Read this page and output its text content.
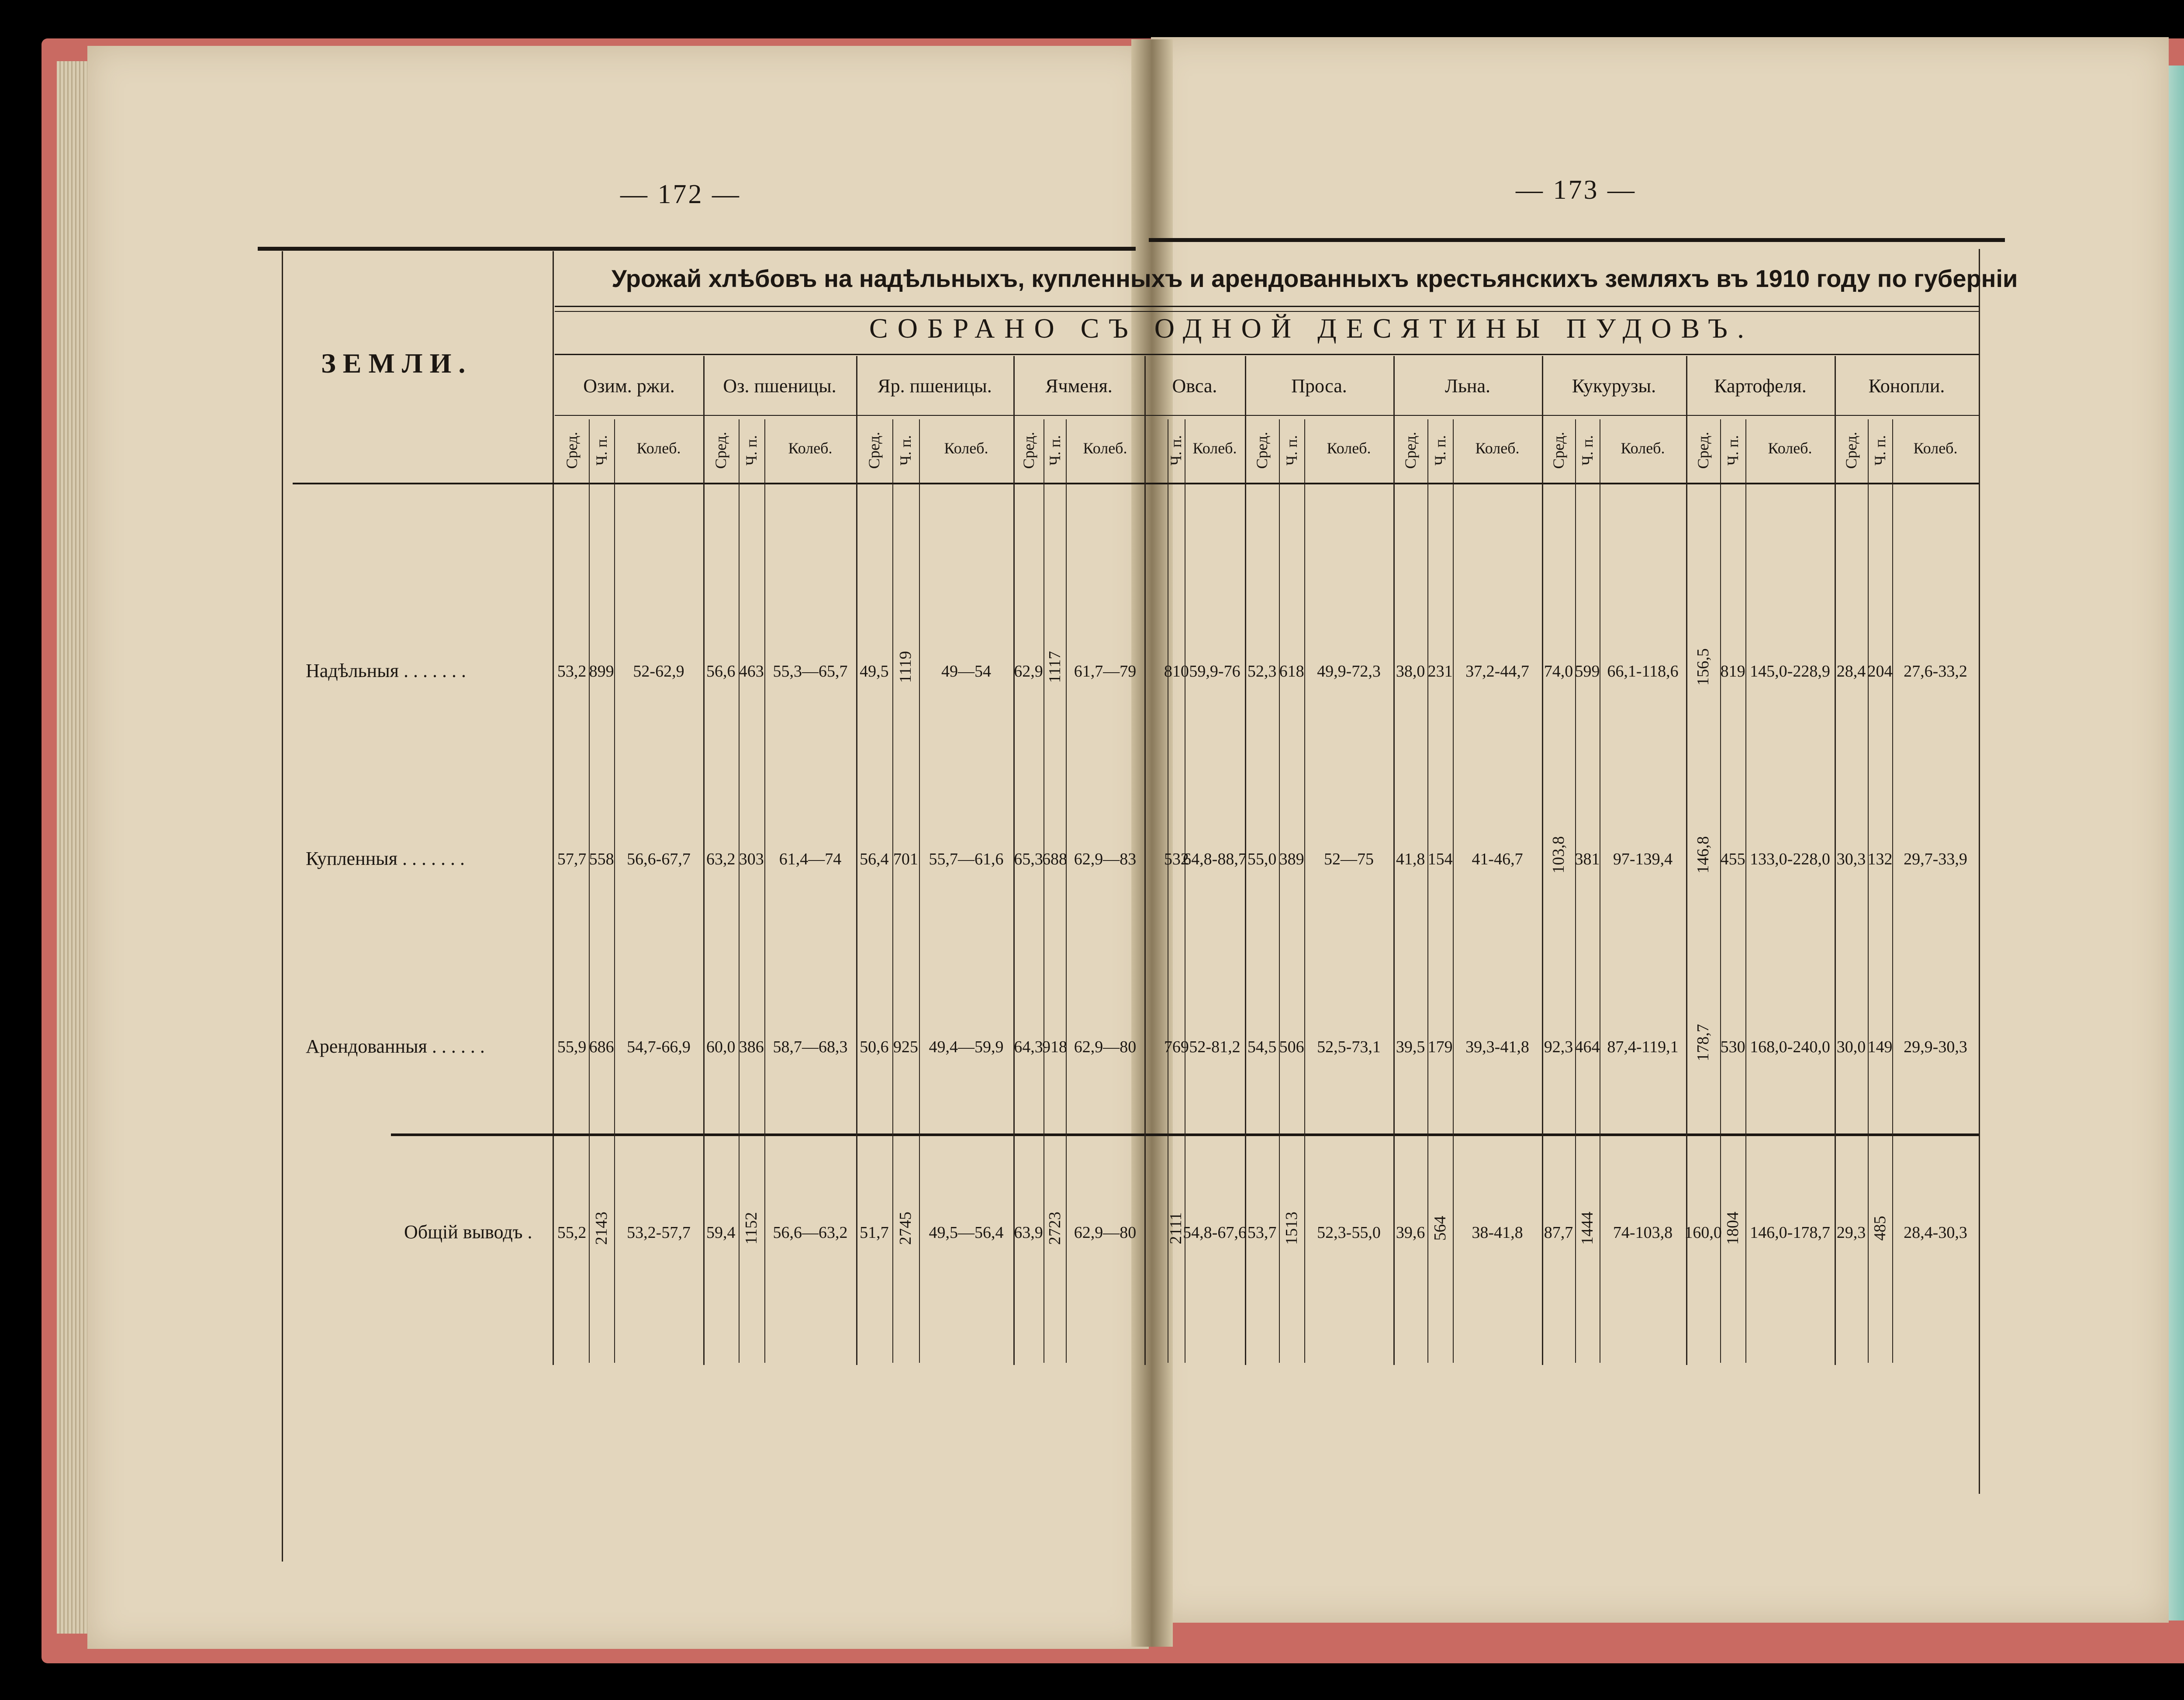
— 172 —	— 173 —
Урожай хлѣбовъ на надѣльныхъ, купленныхъ и арендованныхъ крестьянскихъ земляхъ въ 1910 году по губерніи
СОБРАНО СЪ ОДНОЙ ДЕСЯТИНЫ ПУДОВЪ.
ЗЕМЛИ.
Озим. ржи.
Сред.
53,2
57,7
55,9
55,2
Ч. п.
899
558
686
2143
Колеб.
52-62,9
56,6-67,7
54,7-66,9
53,2-57,7
Оз. пшеницы.
Сред.
56,6
63,2
60,0
59,4
Ч. п.
463
303
386
1152
Колеб.
55,3—65,7
61,4—74
58,7—68,3
56,6—63,2
Яр. пшеницы.
Сред.
49,5
56,4
50,6
51,7
Ч. п.
1119
701
925
2745
Колеб.
49—54
55,7—61,6
49,4—59,9
49,5—56,4
Ячменя.
Сред.
62,9
65,3
64,3
63,9
Ч. п.
1117
688
918
2723
Колеб.
61,7—79
62,9—83
62,9—80
62,9—80
Овса.
Ч. п.
810
532
769
2111
Колеб.
59,9-76
64,8-88,7
52-81,2
54,8-67,6
Проса.
Сред.
52,3
55,0
54,5
53,7
Ч. п.
618
389
506
1513
Колеб.
49,9-72,3
52—75
52,5-73,1
52,3-55,0
Льна.
Сред.
38,0
41,8
39,5
39,6
Ч. п.
231
154
179
564
Колеб.
37,2-44,7
41-46,7
39,3-41,8
38-41,8
Кукурузы.
Сред.
74,0
103,8
92,3
87,7
Ч. п.
599
381
464
1444
Колеб.
66,1-118,6
97-139,4
87,4-119,1
74-103,8
Картофеля.
Сред.
156,5
146,8
178,7
160,0
Ч. п.
819
455
530
1804
Колеб.
145,0-228,9
133,0-228,0
168,0-240,0
146,0-178,7
Конопли.
Сред.
28,4
30,3
30,0
29,3
Ч. п.
204
132
149
485
Колеб.
27,6-33,2
29,7-33,9
29,9-30,3
28,4-30,3
Надѣльныя . . . . . . .
Купленныя . . . . . . .
Арендованныя . . . . . .
Общій выводъ .
